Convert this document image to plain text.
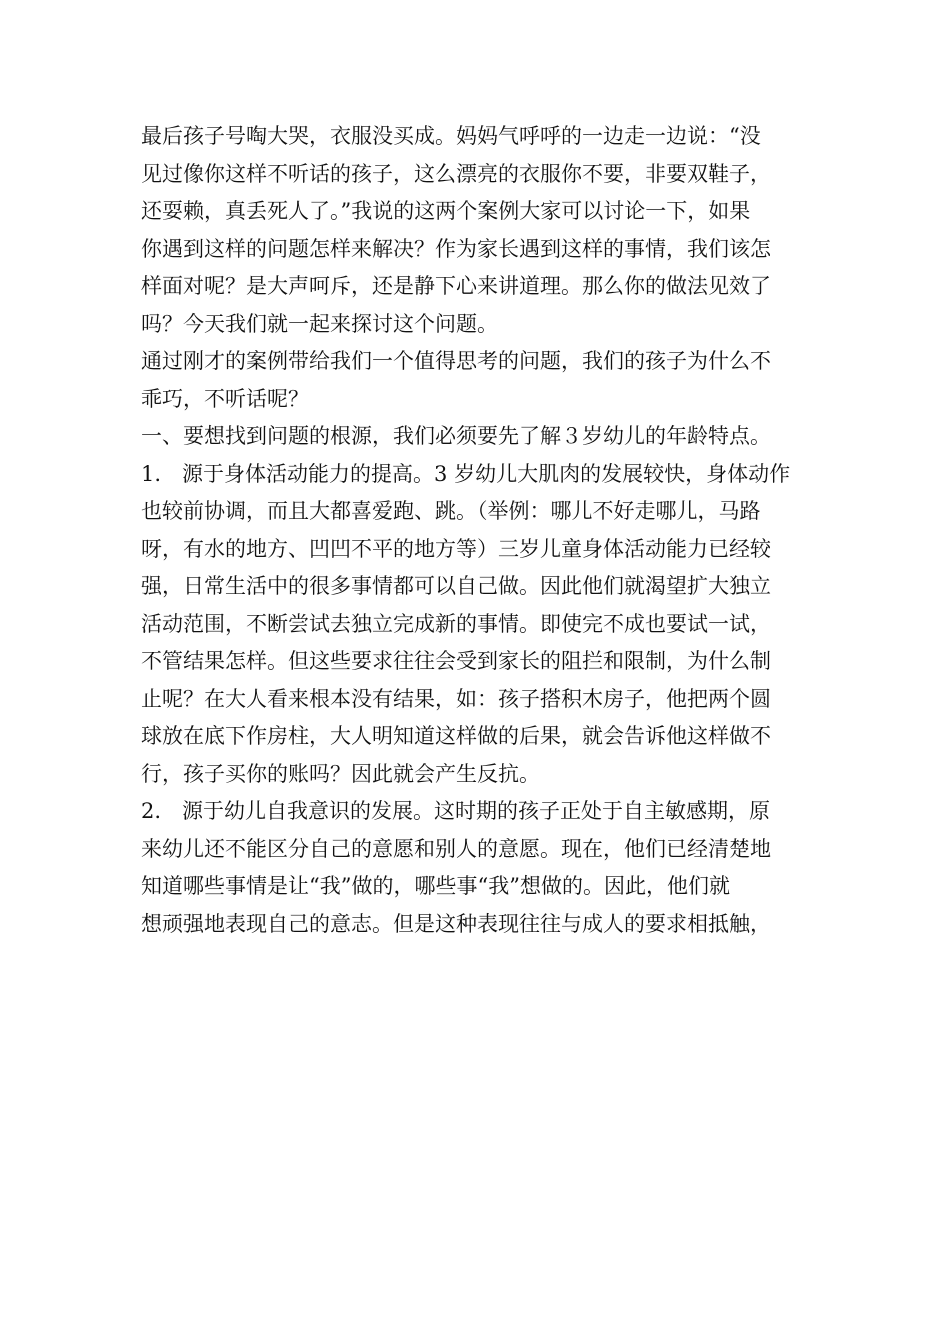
最后孩子号啕大哭，衣服没买成。妈妈气呼呼的一边走一边说：“没
见过像你这样不听话的孩子，这么漂亮的衣服你不要，非要双鞋子，
还耍赖，真丢死人了。”我说的这两个案例大家可以讨论一下，如果
你遇到这样的问题怎样来解决？作为家长遇到这样的事情，我们该怎
样面对呢？是大声呵斥，还是静下心来讲道理。那么你的做法见效了
吗？今天我们就一起来探讨这个问题。
通过刚才的案例带给我们一个值得思考的问题，我们的孩子为什么不
乖巧，不听话呢？
一、要想找到问题的根源，我们必须要先了解３岁幼儿的年龄特点。
1.　源于身体活动能力的提高。3 岁幼儿大肌肉的发展较快，身体动作
也较前协调，而且大都喜爱跑、跳。（举例：哪儿不好走哪儿，马路
呀，有水的地方、凹凹不平的地方等）三岁儿童身体活动能力已经较
强，日常生活中的很多事情都可以自己做。因此他们就渴望扩大独立
活动范围，不断尝试去独立完成新的事情。即使完不成也要试一试，
不管结果怎样。但这些要求往往会受到家长的阻拦和限制，为什么制
止呢？在大人看来根本没有结果，如：孩子搭积木房子，他把两个圆
球放在底下作房柱，大人明知道这样做的后果，就会告诉他这样做不
行，孩子买你的账吗？因此就会产生反抗。
2.　源于幼儿自我意识的发展。这时期的孩子正处于自主敏感期，原
来幼儿还不能区分自己的意愿和别人的意愿。现在，他们已经清楚地
知道哪些事情是让“我”做的，哪些事“我”想做的。因此，他们就
想顽强地表现自己的意志。但是这种表现往往与成人的要求相抵触，
